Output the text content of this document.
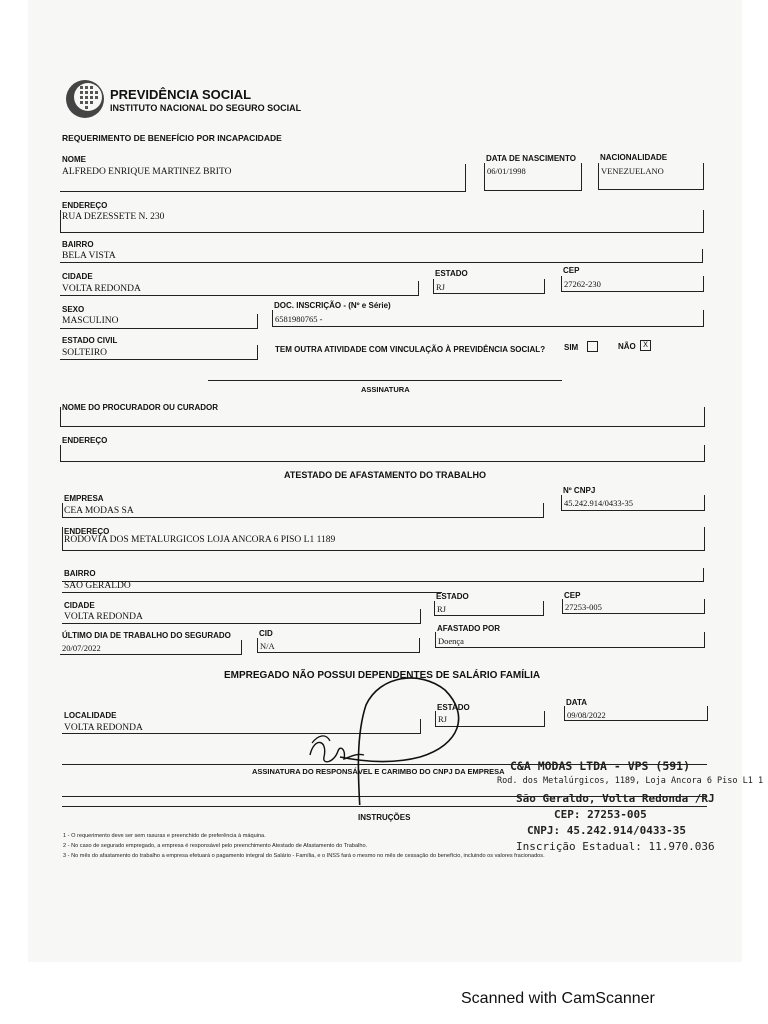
PREVIDÊNCIA SOCIAL
INSTITUTO NACIONAL DO SEGURO SOCIAL
REQUERIMENTO DE BENEFÍCIO POR INCAPACIDADE
NOME
ALFREDO ENRIQUE MARTINEZ BRITO
DATA DE NASCIMENTO
06/01/1998
NACIONALIDADE
VENEZUELANO
ENDEREÇO
RUA DEZESSETE N. 230
BAIRRO
BELA VISTA
CIDADE
VOLTA REDONDA
ESTADO
RJ
CEP
27262-230
SEXO
MASCULINO
DOC. INSCRIÇÃO - (Nº e Série)
6581980765 -
ESTADO CIVIL
SOLTEIRO	TEM OUTRA ATIVIDADE COM VINCULAÇÃO À PREVIDÊNCIA SOCIAL? SIM	NÃO X
ASSINATURA
NOME DO PROCURADOR OU CURADOR
ENDEREÇO
ATESTADO DE AFASTAMENTO DO TRABALHO
EMPRESA
CEA MODAS SA
Nº CNPJ
45.242.914/0433-35
ENDEREÇO
RODOVIA DOS METALURGICOS LOJA ANCORA 6 PISO L1 1189
BAIRRO
SAO GERALDO
CIDADE
VOLTA REDONDA
ESTADO
RJ
CEP
27253-005
ÚLTIMO DIA DE TRABALHO DO SEGURADO
20/07/2022
CID
N/A
AFASTADO POR
Doença
EMPREGADO NÃO POSSUI DEPENDENTES DE SALÁRIO FAMÍLIA
LOCALIDADE
VOLTA REDONDA
ESTADO
RJ
DATA
09/08/2022
ASSINATURA DO RESPONSÁVEL E CARIMBO DO CNPJ DA EMPRESA C&A MODAS LTDA - VPS (591)
Rod. dos Metalúrgicos, 1189, Loja Ancora 6 Piso L1 1
São Geraldo, Volta Redonda /RJ
CEP: 27253-005
CNPJ: 45.242.914/0433-35
Inscrição Estadual: 11.970.036
INSTRUÇÕES
1 - O requerimento deve ser sem rasuras e preenchido de preferência à máquina.
2 - No caso de segurado empregado, a empresa é responsável pelo preenchimento Atestado de Afastamento do Trabalho.
3 - No mês do afastamento do trabalho a empresa efetuará o pagamento integral do Salário - Família, e o INSS fará o mesmo no mês de cessação do benefício, incluindo os valores fracionados.
Scanned with CamScanner
